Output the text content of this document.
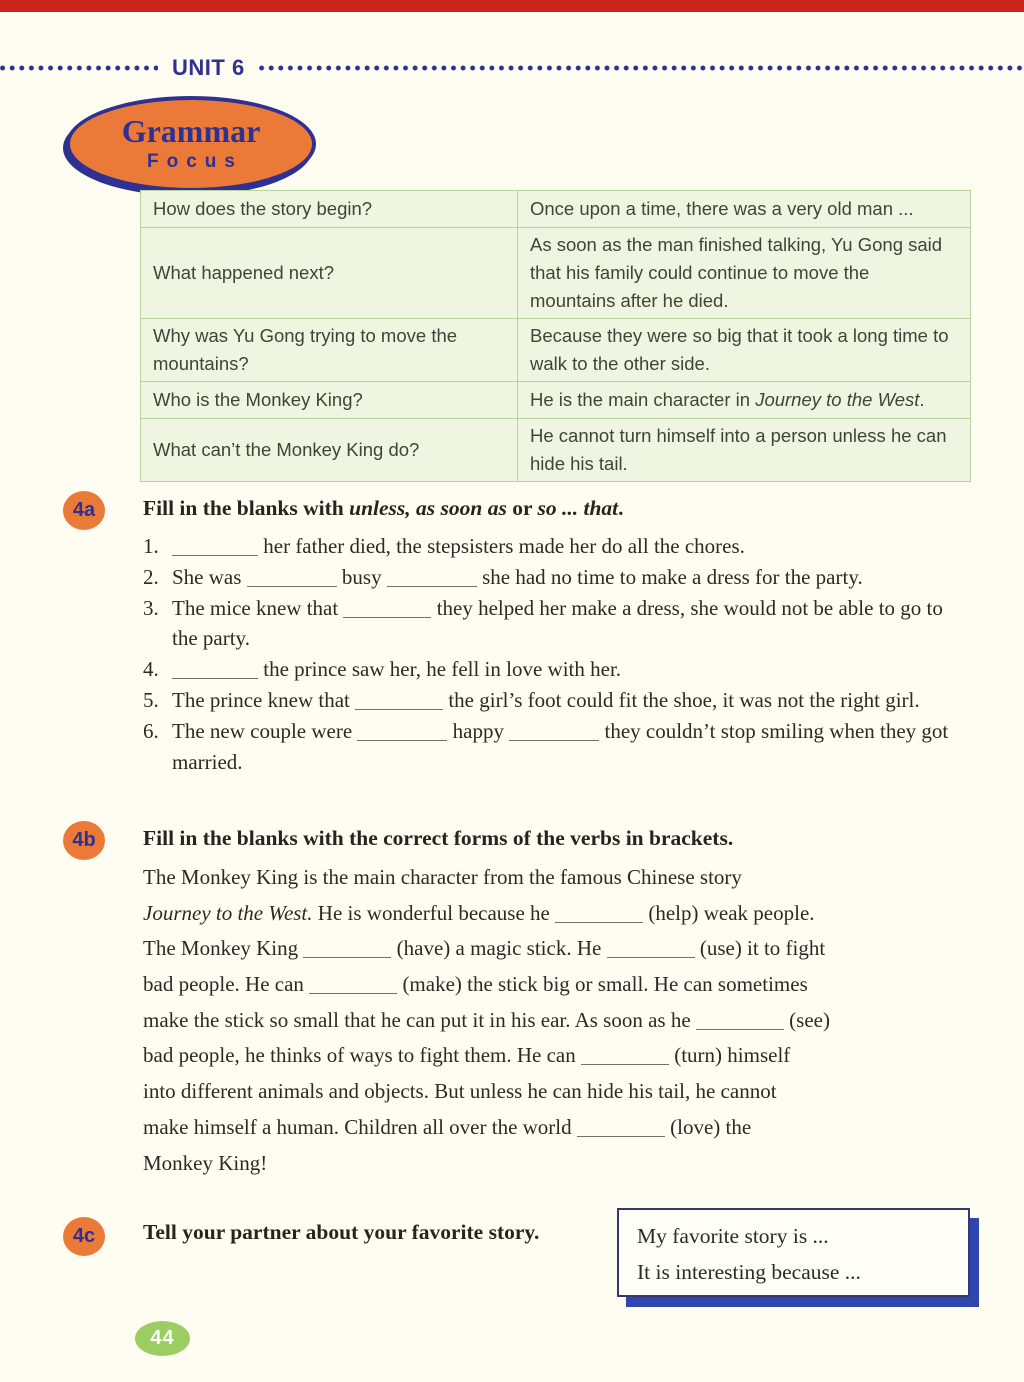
UNIT 6
Grammar
Focus
How does the story begin?	Once upon a time, there was a very old man ...
What happened next?	As soon as the man finished talking, Yu Gong said that his family could continue to move the mountains after he died.
Why was Yu Gong trying to move the mountains?	Because they were so big that it took a long time to walk to the other side.
Who is the Monkey King?	He is the main character in Journey to the West.
What can’t the Monkey King do?	He cannot turn himself into a person unless he can hide his tail.
4a	Fill in the blanks with unless, as soon as or so ... that.
1.	her father died, the stepsisters made her do all the chores.
2. She was	busy	she had no time to make a dress for the party.
3. The mice knew that	they helped her make a dress, she would not be able to go to the party.
4.	the prince saw her, he fell in love with her.
5. The prince knew that	the girl’s foot could fit the shoe, it was not the right girl.
6. The new couple were	happy	they couldn’t stop smiling when they got married.
4b	Fill in the blanks with the correct forms of the verbs in brackets.
The Monkey King is the main character from the famous Chinese story
Journey to the West. He is wonderful because he	(help) weak people.
The Monkey King	(have) a magic stick. He	(use) it to fight
bad people. He can	(make) the stick big or small. He can sometimes
make the stick so small that he can put it in his ear. As soon as he	(see)
bad people, he thinks of ways to fight them. He can	(turn) himself
into different animals and objects. But unless he can hide his tail, he cannot
make himself a human. Children all over the world	(love) the
Monkey King!
4c	Tell your partner about your favorite story.	My favorite story is ...
It is interesting because ...
44
